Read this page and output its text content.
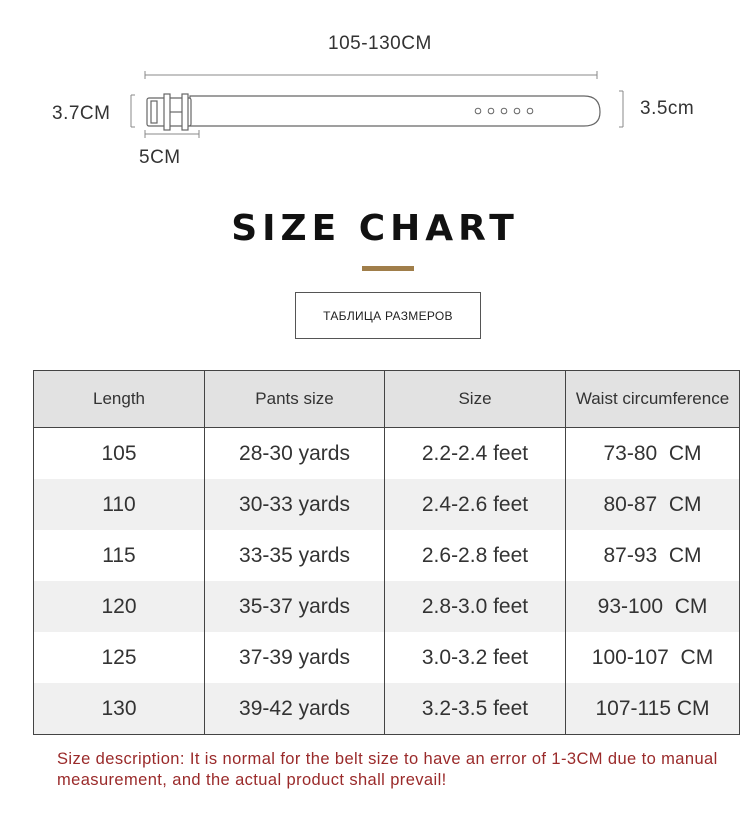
105-130CM
3.7CM	3.5cm
5CM
SIZE CHART
ТАБЛИЦА РАЗМЕРОВ
Length	Pants size	Size	Waist circumference
105	28-30 yards	2.2-2.4 feet	73-80  CM
110	30-33 yards	2.4-2.6 feet	80-87  CM
115	33-35 yards	2.6-2.8 feet	87-93  CM
120	35-37 yards	2.8-3.0 feet	93-100  CM
125	37-39 yards	3.0-3.2 feet	100-107  CM
130	39-42 yards	3.2-3.5 feet	107-115 CM
Size description: It is normal for the belt size to have an error of 1-3CM due to manual measurement, and the actual product shall prevail!
